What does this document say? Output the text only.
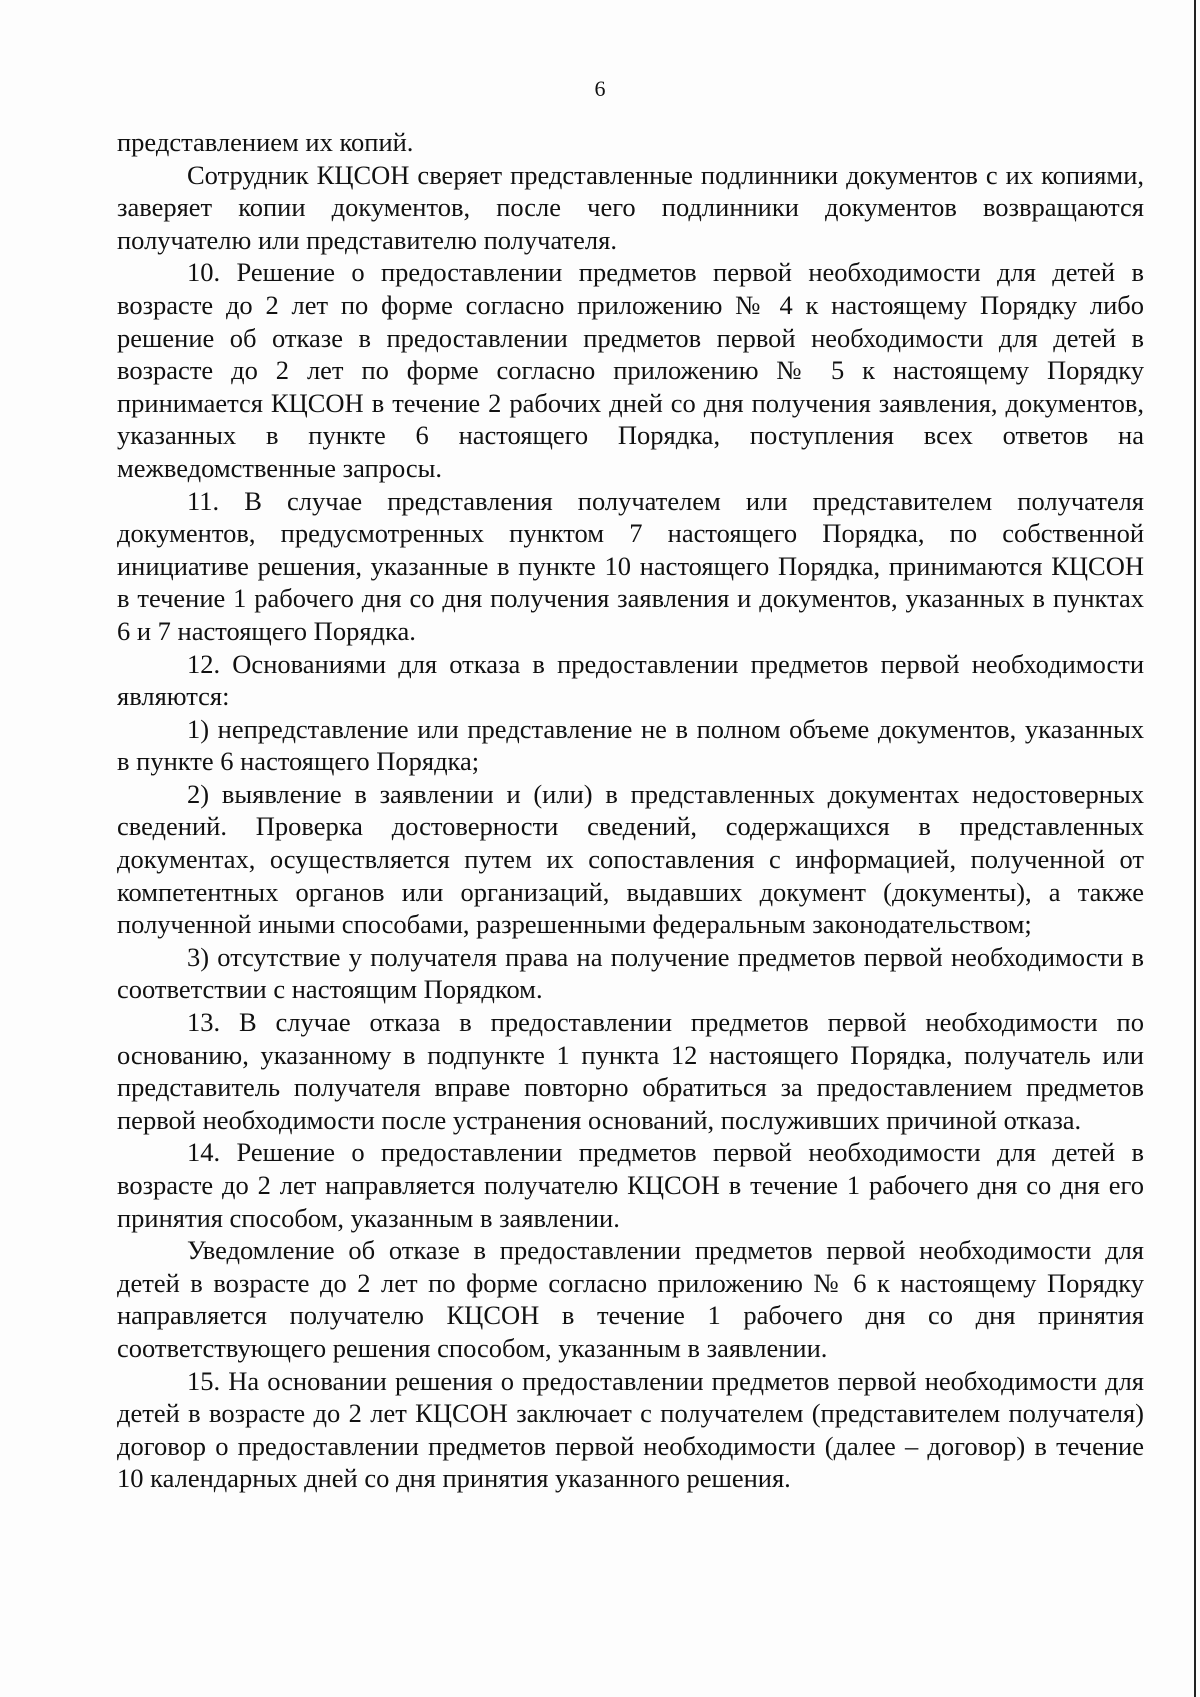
6

представлением их копий.

Сотрудник КЦСОН сверяет представленные подлинники документов с их копиями, заверяет копии документов, после чего подлинники документов возвращаются получателю или представителю получателя.

10. Решение о предоставлении предметов первой необходимости для детей в возрасте до 2 лет по форме согласно приложению № 4 к настоящему Порядку либо решение об отказе в предоставлении предметов первой необходимости для детей в возрасте до 2 лет по форме согласно приложению № 5 к настоящему Порядку принимается КЦСОН в течение 2 рабочих дней со дня получения заявления, документов, указанных в пункте 6 настоящего Порядка, поступления всех ответов на межведомственные запросы.

11. В случае представления получателем или представителем получателя документов, предусмотренных пунктом 7 настоящего Порядка, по собственной инициативе решения, указанные в пункте 10 настоящего Порядка, принимаются КЦСОН в течение 1 рабочего дня со дня получения заявления и документов, указанных в пунктах 6 и 7 настоящего Порядка.

12. Основаниями для отказа в предоставлении предметов первой необходимости являются:

1) непредставление или представление не в полном объеме документов, указанных в пункте 6 настоящего Порядка;

2) выявление в заявлении и (или) в представленных документах недостоверных сведений. Проверка достоверности сведений, содержащихся в представленных документах, осуществляется путем их сопоставления с информацией, полученной от компетентных органов или организаций, выдавших документ (документы), а также полученной иными способами, разрешенными федеральным законодательством;

3) отсутствие у получателя права на получение предметов первой необходимости в соответствии с настоящим Порядком.

13. В случае отказа в предоставлении предметов первой необходимости по основанию, указанному в подпункте 1 пункта 12 настоящего Порядка, получатель или представитель получателя вправе повторно обратиться за предоставлением предметов первой необходимости после устранения оснований, послуживших причиной отказа.

14. Решение о предоставлении предметов первой необходимости для детей в возрасте до 2 лет направляется получателю КЦСОН в течение 1 рабочего дня со дня его принятия способом, указанным в заявлении.

Уведомление об отказе в предоставлении предметов первой необходимости для детей в возрасте до 2 лет по форме согласно приложению № 6 к настоящему Порядку направляется получателю КЦСОН в течение 1 рабочего дня со дня принятия соответствующего решения способом, указанным в заявлении.

15. На основании решения о предоставлении предметов первой необходимости для детей в возрасте до 2 лет КЦСОН заключает с получателем (представителем получателя) договор о предоставлении предметов первой необходимости (далее – договор) в течение 10 календарных дней со дня принятия указанного решения.
